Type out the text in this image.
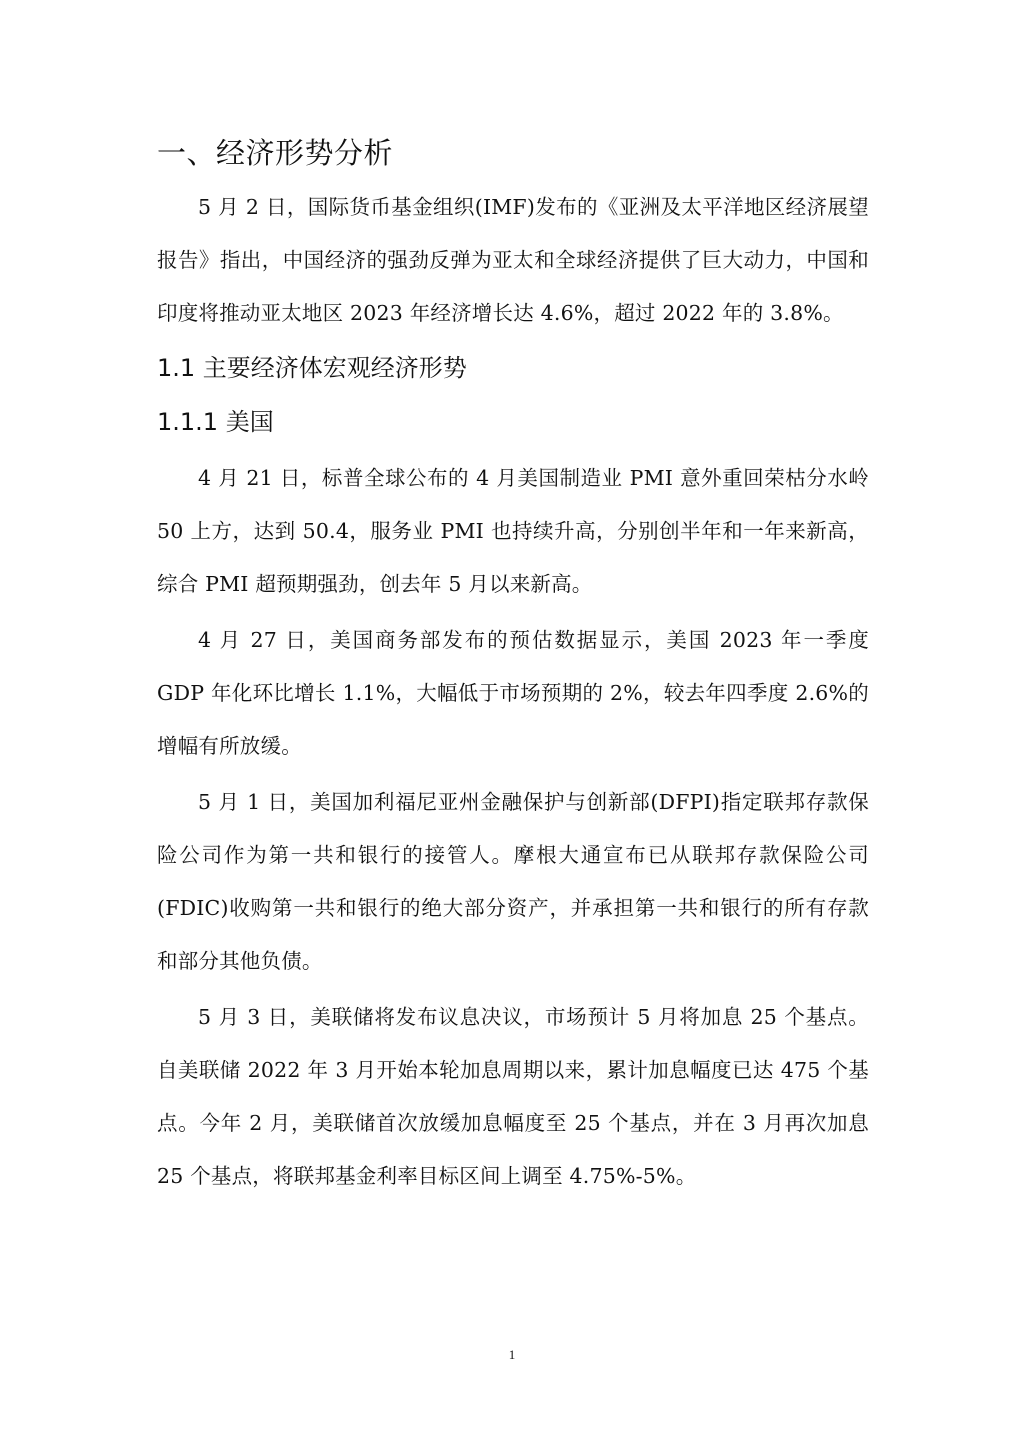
一、经济形势分析

5 月 2 日，国际货币基金组织(IMF)发布的《亚洲及太平洋地区经济展望报告》指出，中国经济的强劲反弹为亚太和全球经济提供了巨大动力，中国和印度将推动亚太地区 2023 年经济增长达 4.6%，超过 2022 年的 3.8%。

1.1 主要经济体宏观经济形势
1.1.1 美国

4 月 21 日，标普全球公布的 4 月美国制造业 PMI 意外重回荣枯分水岭 50 上方，达到 50.4，服务业 PMI 也持续升高，分别创半年和一年来新高，综合 PMI 超预期强劲，创去年 5 月以来新高。

4 月 27 日，美国商务部发布的预估数据显示，美国 2023 年一季度 GDP 年化环比增长 1.1%，大幅低于市场预期的 2%，较去年四季度 2.6%的增幅有所放缓。

5 月 1 日，美国加利福尼亚州金融保护与创新部(DFPI)指定联邦存款保险公司作为第一共和银行的接管人。摩根大通宣布已从联邦存款保险公司(FDIC)收购第一共和银行的绝大部分资产，并承担第一共和银行的所有存款和部分其他负债。

5 月 3 日，美联储将发布议息决议，市场预计 5 月将加息 25 个基点。自美联储 2022 年 3 月开始本轮加息周期以来，累计加息幅度已达 475 个基点。今年 2 月，美联储首次放缓加息幅度至 25 个基点，并在 3 月再次加息 25 个基点，将联邦基金利率目标区间上调至 4.75%-5%。

1
